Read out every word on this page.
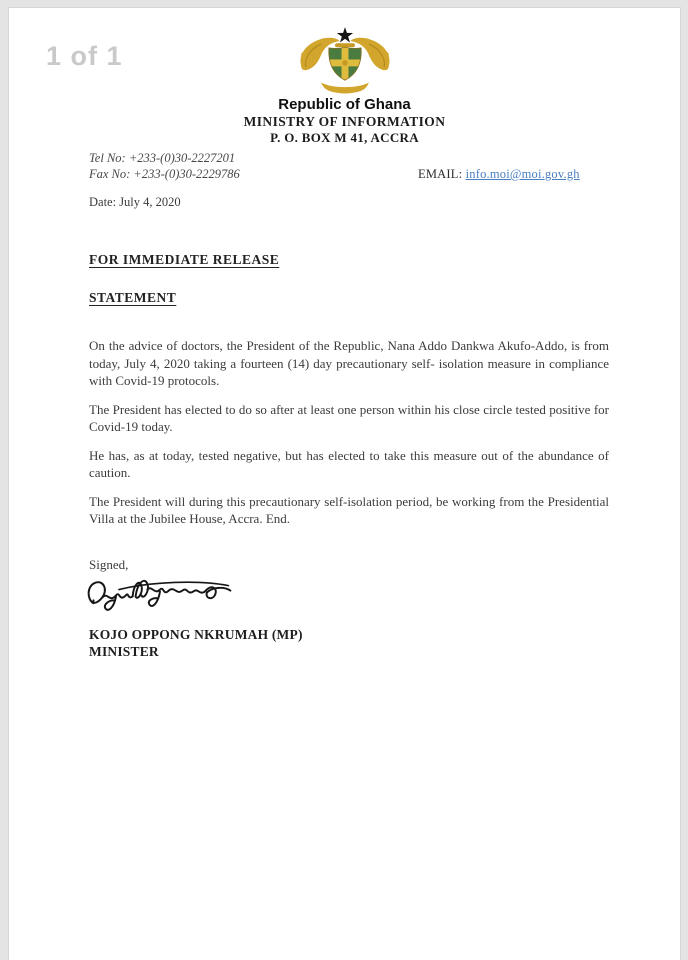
1 of 1
Republic of Ghana
MINISTRY OF INFORMATION
P. O. BOX M 41, ACCRA
Tel No: +233-(0)30-2227201
Fax No: +233-(0)30-2229786	EMAIL: info.moi@moi.gov.gh
Date: July 4, 2020
FOR IMMEDIATE RELEASE
STATEMENT

On the advice of doctors, the President of the Republic, Nana Addo Dankwa Akufo-Addo, is from today, July 4, 2020 taking a fourteen (14) day precautionary self- isolation measure in compliance with Covid-19 protocols.

The President has elected to do so after at least one person within his close circle tested positive for Covid-19 today.

He has, as at today, tested negative, but has elected to take this measure out of the abundance of caution.

The President will during this precautionary self-isolation period, be working from the Presidential Villa at the Jubilee House, Accra. End.

Signed,
KOJO OPPONG NKRUMAH (MP)
MINISTER
